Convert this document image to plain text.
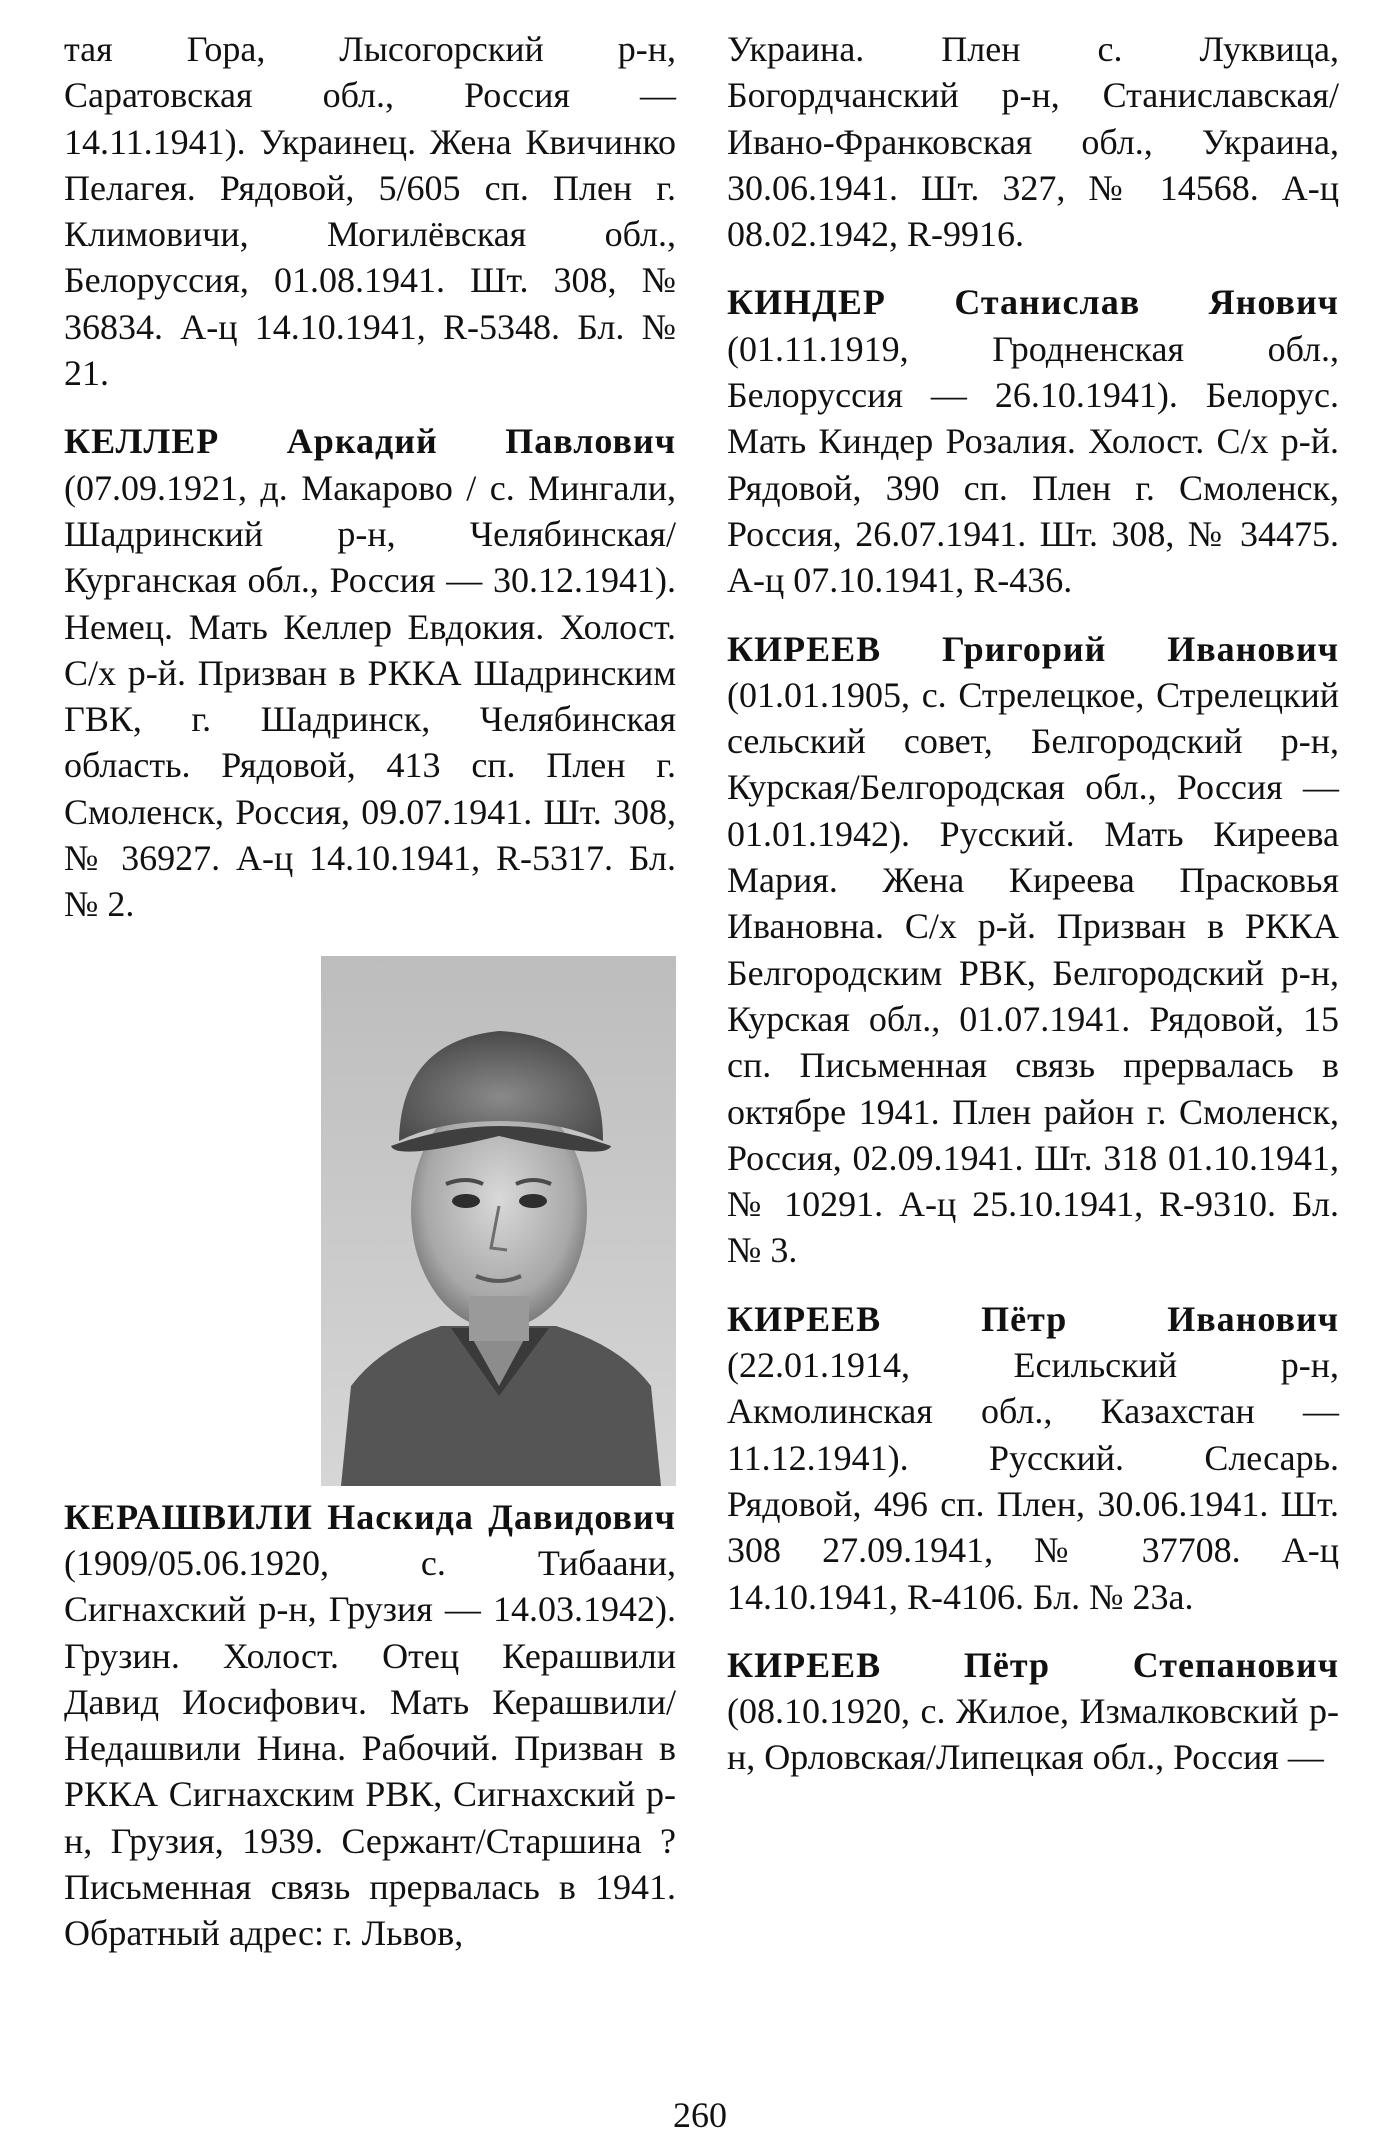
тая Гора, Лысогорский р-н, Саратовская обл., Россия — 14.11.1941). Украинец. Жена Квичинко Пелагея. Рядовой, 5/605 сп. Плен г. Климовичи, Могилёвская обл., Белоруссия, 01.08.1941. Шт. 308, № 36834. А-ц 14.10.1941, R-5348. Бл. № 21.

КЕЛЛЕР Аркадий Павлович (07.09.1921, д. Макарово / с. Мингали, Шадринский р-н, Челябинская/Курганская обл., Россия — 30.12.1941). Немец. Мать Келлер Евдокия. Холост. С/х р-й. Призван в РККА Шадринским ГВК, г. Шадринск, Челябинская область. Рядовой, 413 сп. Плен г. Смоленск, Россия, 09.07.1941. Шт. 308, № 36927. А-ц 14.10.1941, R-5317. Бл. № 2.

КЕРАШВИЛИ Наскида Давидович (1909/05.06.1920, с. Тибаани, Сигнахский р-н, Грузия — 14.03.1942). Грузин. Холост. Отец Керашвили Давид Иосифович. Мать Керашвили/Недашвили Нина. Рабочий. Призван в РККА Сигнахским РВК, Сигнахский р-н, Грузия, 1939. Сержант/Старшина ? Письменная связь прервалась в 1941. Обратный адрес: г. Львов,

Украина. Плен с. Луквица, Богордчанский р-н, Станиславская/Ивано-Франковская обл., Украина, 30.06.1941. Шт. 327, № 14568. А-ц 08.02.1942, R-9916.

КИНДЕР Станислав Янович (01.11.1919, Гродненская обл., Белоруссия — 26.10.1941). Белорус. Мать Киндер Розалия. Холост. С/х р-й. Рядовой, 390 сп. Плен г. Смоленск, Россия, 26.07.1941. Шт. 308, № 34475. А-ц 07.10.1941, R-436.

КИРЕЕВ Григорий Иванович (01.01.1905, с. Стрелецкое, Стрелецкий сельский совет, Белгородский р-н, Курская/Белгородская обл., Россия — 01.01.1942). Русский. Мать Киреева Мария. Жена Киреева Прасковья Ивановна. С/х р-й. Призван в РККА Белгородским РВК, Белгородский р-н, Курская обл., 01.07.1941. Рядовой, 15 сп. Письменная связь прервалась в октябре 1941. Плен район г. Смоленск, Россия, 02.09.1941. Шт. 318 01.10.1941, № 10291. А-ц 25.10.1941, R-9310. Бл. № 3.

КИРЕЕВ Пётр Иванович (22.01.1914, Есильский р-н, Акмолинская обл., Казахстан — 11.12.1941). Русский. Слесарь. Рядовой, 496 сп. Плен, 30.06.1941. Шт. 308 27.09.1941, № 37708. А-ц 14.10.1941, R-4106. Бл. № 23а.

КИРЕЕВ Пётр Степанович (08.10.1920, с. Жилое, Измалковский р-н, Орловская/Липецкая обл., Россия —

260
